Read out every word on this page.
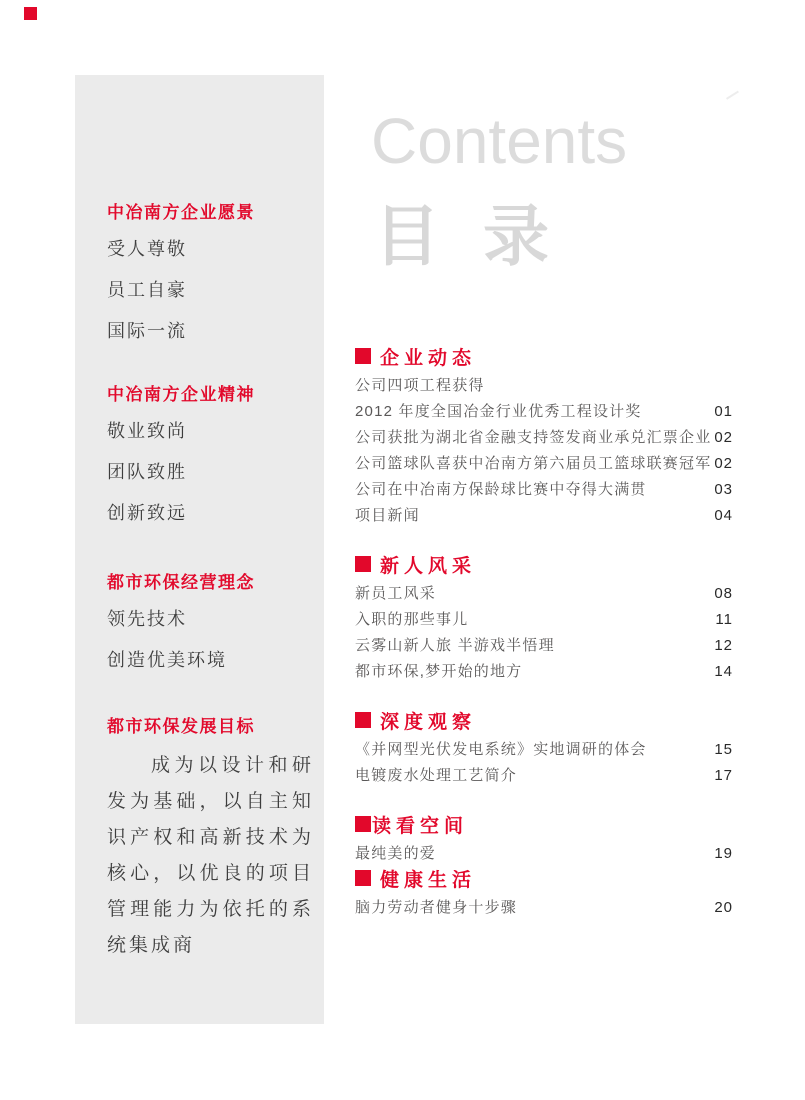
中冶南方企业愿景
受人尊敬
员工自豪
国际一流
中冶南方企业精神
敬业致尚
团队致胜
创新致远
都市环保经营理念
领先技术
创造优美环境
都市环保发展目标

成为以设计和研发为基础，以自主知识产权和高新技术为核心，以优良的项目管理能力为依托的系统集成商

Contents
目 录
企业动态
公司四项工程获得
2012 年度全国冶金行业优秀工程设计奖	01
公司获批为湖北省金融支持签发商业承兑汇票企业 02
公司篮球队喜获中冶南方第六届员工篮球联赛冠军 02
公司在中冶南方保龄球比赛中夺得大满贯	03
项目新闻	04
新人风采
新员工风采	08
入职的那些事儿	11
云雾山新人旅 半游戏半悟理	12
都市环保,梦开始的地方	14
深度观察
《并网型光伏发电系统》实地调研的体会	15
电镀废水处理工艺简介	17
读看空间
最纯美的爱	19
健康生活
脑力劳动者健身十步骤	20
